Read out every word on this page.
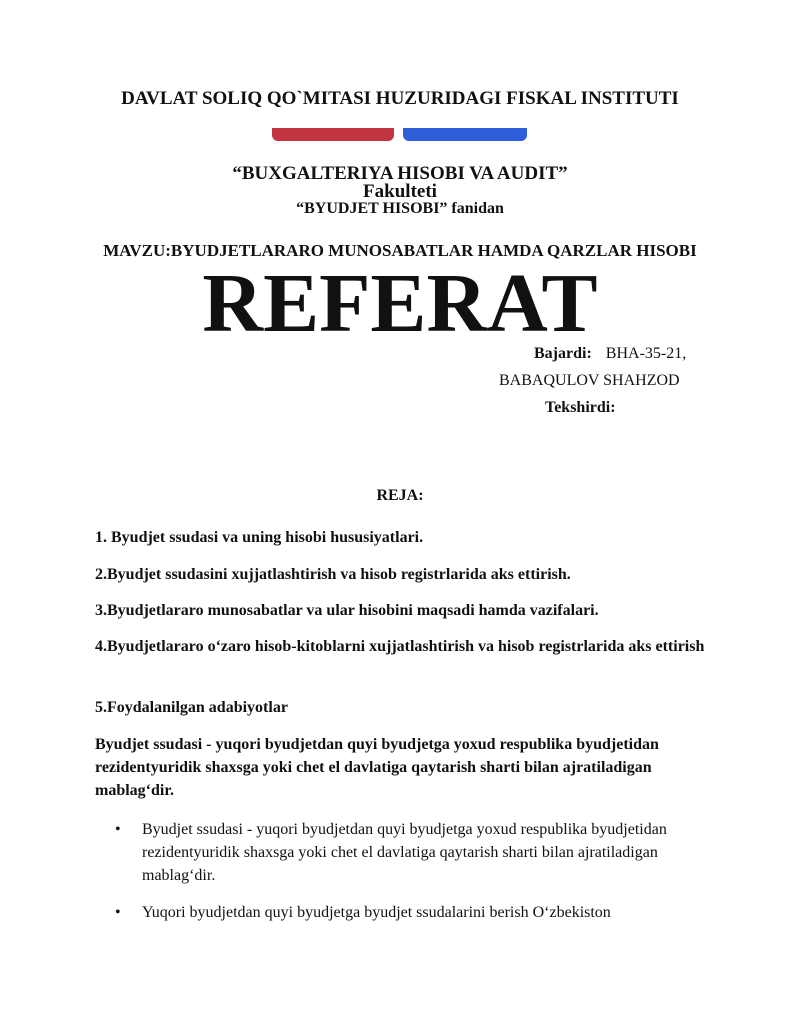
DAVLAT SOLIQ QO`MITASI HUZURIDAGI FISKAL INSTITUTI
“BUXGALTERIYA HISOBI VA AUDIT”
Fakulteti
“BYUDJET HISOBI” fanidan
MAVZU:BYUDJETLARARO MUNOSABATLAR HAMDA QARZLAR HISOBI
REFERAT
Bajardi: BHA-35-21,
BABAQULOV SHAHZOD
Tekshirdi:
REJA:
1. Byudjet ssudasi va uning hisobi hususiyatlari.
2.Byudjet ssudasini xujjatlashtirish va hisob registrlarida aks ettirish.
3.Byudjetlararo munosabatlar va ular hisobini maqsadi hamda vazifalari.
4.Byudjetlararo o‘zaro hisob-kitoblarni xujjatlashtirish va hisob registrlarida aks ettirish
5.Foydalanilgan adabiyotlar
Byudjet ssudasi - yuqori byudjetdan quyi byudjetga yoxud respublika byudjetidan rezidentyuridik shaxsga yoki chet el davlatiga qaytarish sharti bilan ajratiladigan mablag‘dir.
• Byudjet ssudasi - yuqori byudjetdan quyi byudjetga yoxud respublika byudjetidan rezidentyuridik shaxsga yoki chet el davlatiga qaytarish sharti bilan ajratiladigan mablag‘dir.
• Yuqori byudjetdan quyi byudjetga byudjet ssudalarini berish O‘zbekiston
